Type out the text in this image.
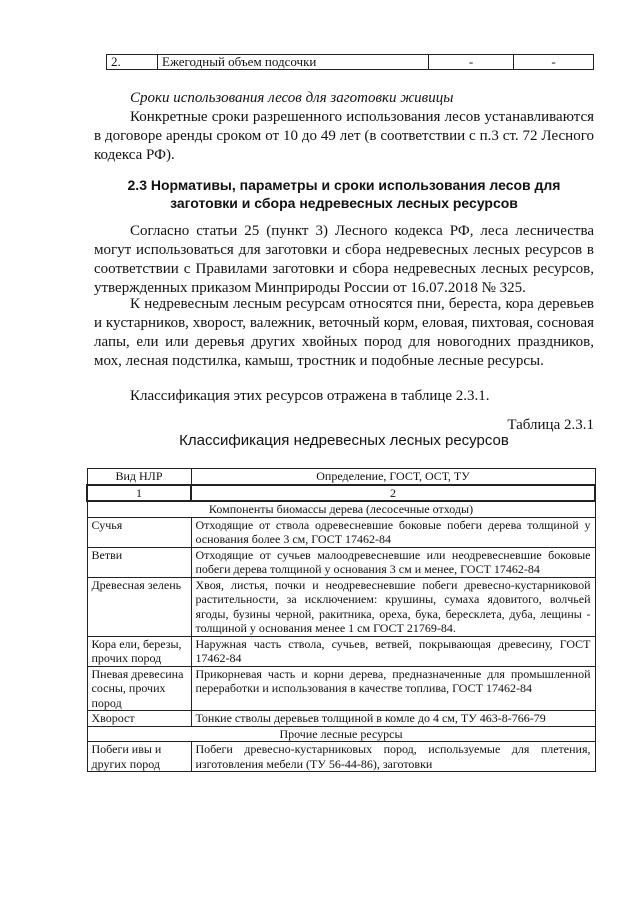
2.	Ежегодный объем подсочки	-	-
Сроки использования лесов для заготовки живицы
Конкретные сроки разрешенного использования лесов устанавливаются в договоре аренды сроком от 10 до 49 лет (в соответствии с п.3 ст. 72 Лесного кодекса РФ).
2.3 Нормативы, параметры и сроки использования лесов для заготовки и сбора недревесных лесных ресурсов
Согласно статьи 25 (пункт 3) Лесного кодекса РФ, леса лесничества могут использоваться для заготовки и сбора недревесных лесных ресурсов в соответствии с Правилами заготовки и сбора недревесных лесных ресурсов, утвержденных приказом Минприроды России от 16.07.2018 № 325.
К недревесным лесным ресурсам относятся пни, береста, кора деревьев и кустарников, хворост, валежник, веточный корм, еловая, пихтовая, сосновая лапы, ели или деревья других хвойных пород для новогодних праздников, мох, лесная подстилка, камыш, тростник и подобные лесные ресурсы.
Классификация этих ресурсов отражена в таблице 2.3.1.
Таблица 2.3.1
Классификация недревесных лесных ресурсов
Вид НЛР	Определение, ГОСТ, ОСТ, ТУ
1	2
Компоненты биомассы дерева (лесосечные отходы)	
Сучья	Отходящие от ствола одревесневшие боковые побеги дерева толщиной у основания более 3 см, ГОСТ 17462-84
Ветви	Отходящие от сучьев малоодревесневшие или неодревесневшие боковые побеги дерева толщиной у основания 3 см и менее, ГОСТ 17462-84
Древесная зелень	Хвоя, листья, почки и неодревесневшие побеги древесно-кустарниковой растительности, за исключением: крушины, сумаха ядовитого, волчьей ягоды, бузины черной, ракитника, ореха, бука, бересклета, дуба, лещины - толщиной у основания менее 1 см ГОСТ 21769-84.
Кора ели, березы, прочих пород	Наружная часть ствола, сучьев, ветвей, покрывающая древесину, ГОСТ 17462-84
Пневая древесина сосны, прочих пород	Прикорневая часть и корни дерева, предназначенные для промышленной переработки и использования в качестве топлива, ГОСТ 17462-84
Хворост	Тонкие стволы деревьев толщиной в комле до 4 см, ТУ 463-8-766-79
Прочие лесные ресурсы	
Побеги ивы и других пород	Побеги древесно-кустарниковых пород, используемые для плетения, изготовления мебели (ТУ 56-44-86), заготовки
